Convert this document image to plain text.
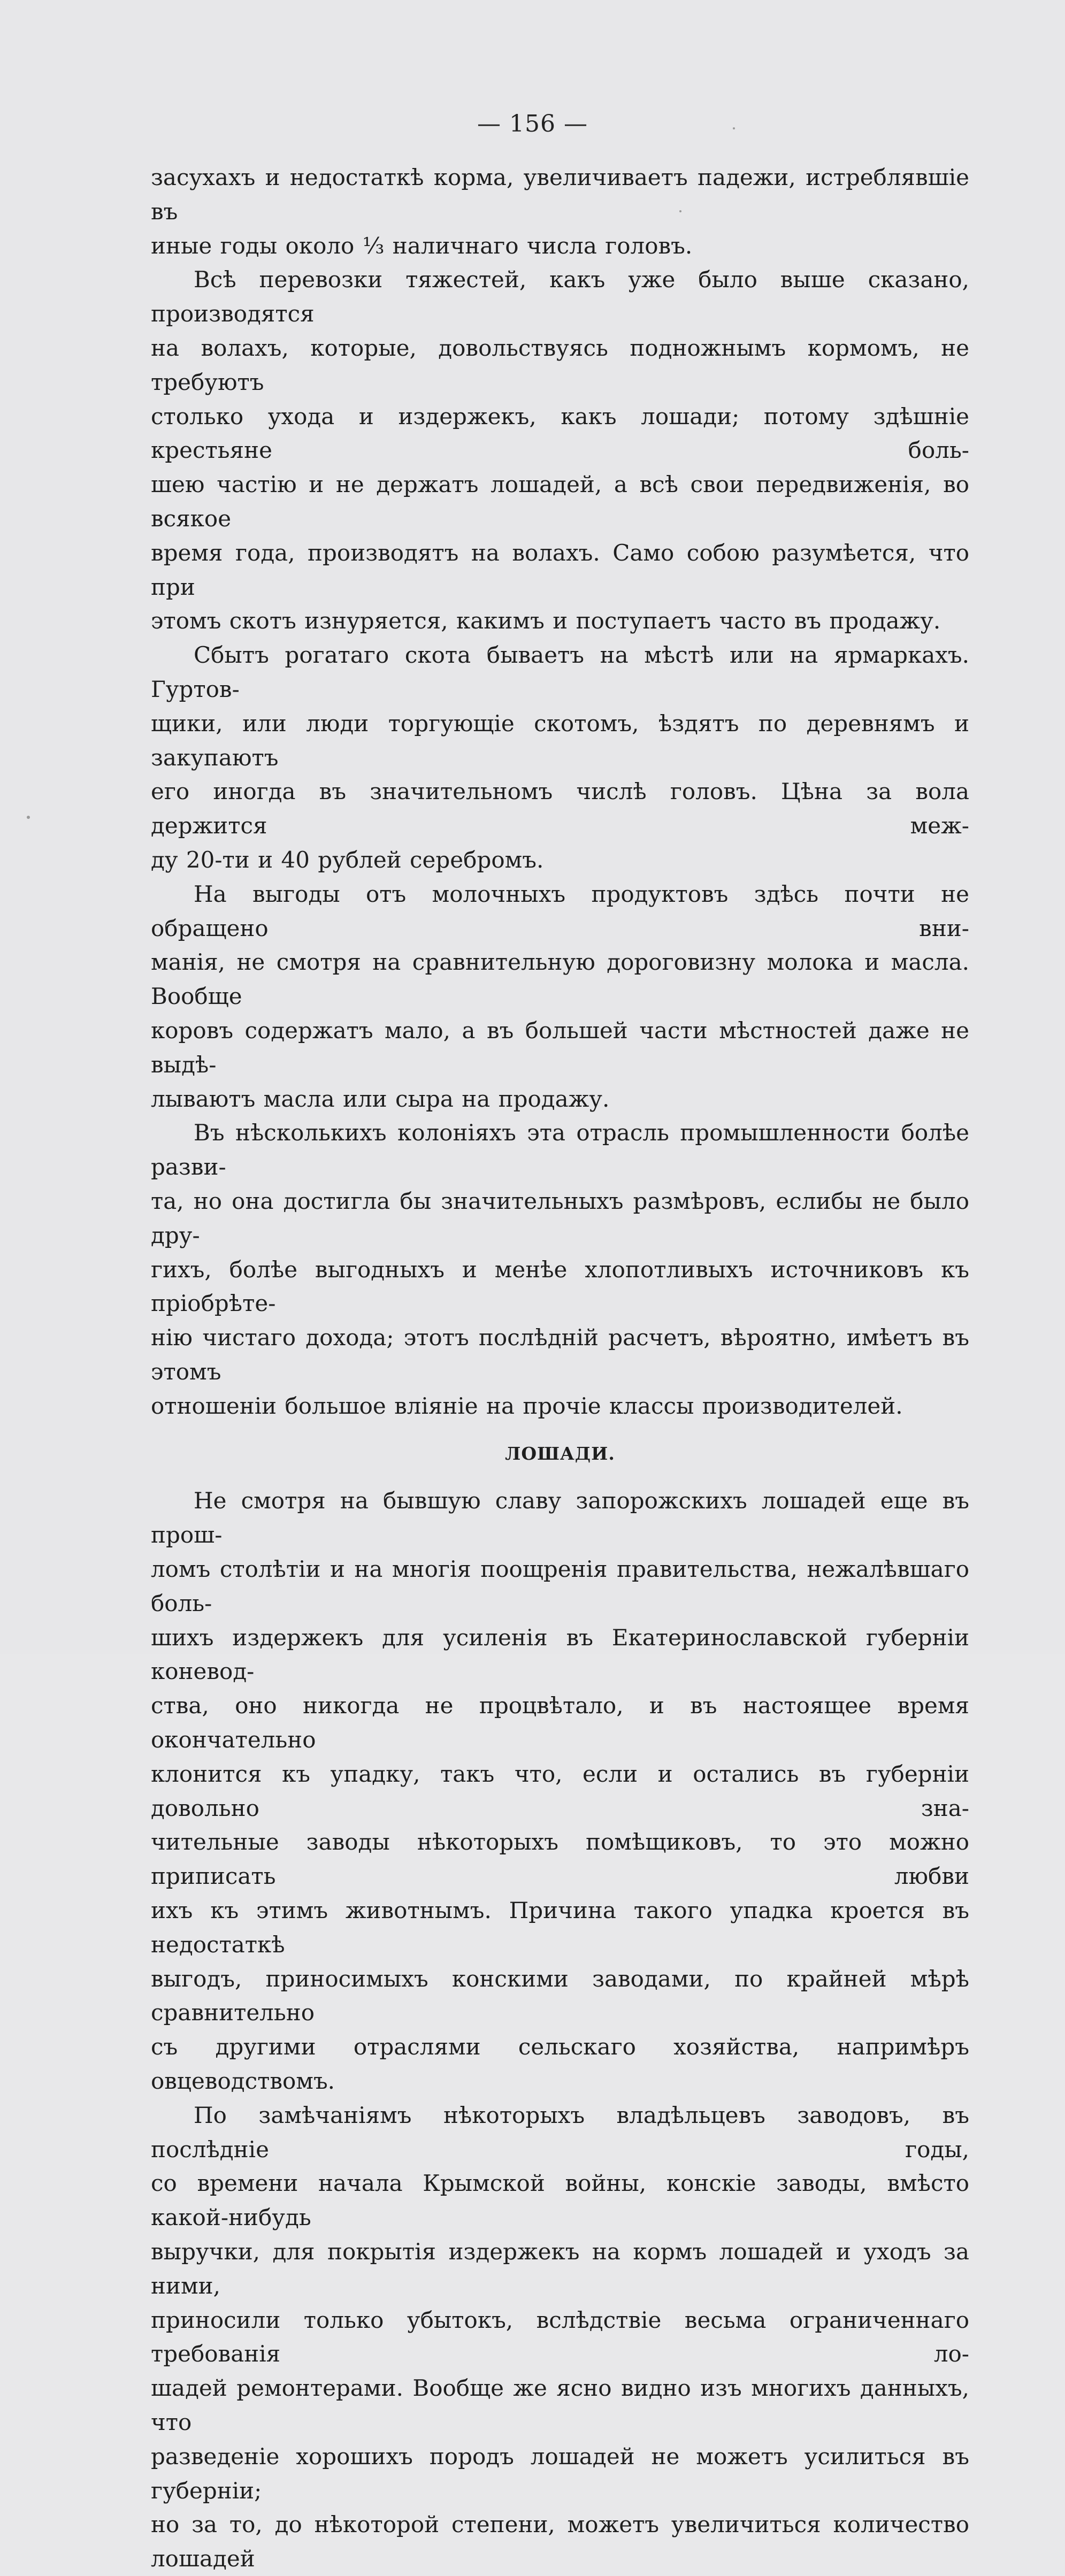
— 156 —
засухахъ и недостаткѣ корма, увеличиваетъ падежи, истреблявшіе въ
иные годы около ⅓ наличнаго числа головъ.
Всѣ перевозки тяжестей, какъ уже было выше сказано, производятся
на волахъ, которые, довольствуясь подножнымъ кормомъ, не требуютъ
столько ухода и издержекъ, какъ лошади; потому здѣшніе крестьяне боль-
шею частію и не держатъ лошадей, а всѣ свои передвиженія, во всякое
время года, производятъ на волахъ. Само собою разумѣется, что при
этомъ скотъ изнуряется, какимъ и поступаетъ часто въ продажу.
Сбытъ рогатаго скота бываетъ на мѣстѣ или на ярмаркахъ. Гуртов-
щики, или люди торгующіе скотомъ, ѣздятъ по деревнямъ и закупаютъ
его иногда въ значительномъ числѣ головъ. Цѣна за вола держится меж-
ду 20-ти и 40 рублей серебромъ.
На выгоды отъ молочныхъ продуктовъ здѣсь почти не обращено вни-
манія, не смотря на сравнительную дороговизну молока и масла. Вообще
коровъ содержатъ мало, а въ большей части мѣстностей даже не выдѣ-
лываютъ масла или сыра на продажу.
Въ нѣсколькихъ колоніяхъ эта отрасль промышленности болѣе разви-
та, но она достигла бы значительныхъ размѣровъ, еслибы не было дру-
гихъ, болѣе выгодныхъ и менѣе хлопотливыхъ источниковъ къ пріобрѣте-
нію чистаго дохода; этотъ послѣдній расчетъ, вѣроятно, имѣетъ въ этомъ
отношеніи большое вліяніе на прочіе классы производителей.
ЛОШАДИ.
Не смотря на бывшую славу запорожскихъ лошадей еще въ прош-
ломъ столѣтіи и на многія поощренія правительства, нежалѣвшаго боль-
шихъ издержекъ для усиленія въ Екатеринославской губерніи коневод-
ства, оно никогда не процвѣтало, и въ настоящее время окончательно
клонится къ упадку, такъ что, если и остались въ губерніи довольно зна-
чительные заводы нѣкоторыхъ помѣщиковъ, то это можно приписать любви
ихъ къ этимъ животнымъ. Причина такого упадка кроется въ недостаткѣ
выгодъ, приносимыхъ конскими заводами, по крайней мѣрѣ сравнительно
съ другими отраслями сельскаго хозяйства, напримѣръ овцеводствомъ.
По замѣчаніямъ нѣкоторыхъ владѣльцевъ заводовъ, въ послѣдніе годы,
со времени начала Крымской войны, конскіе заводы, вмѣсто какой-нибудь
выручки, для покрытія издержекъ на кормъ лошадей и уходъ за ними,
приносили только убытокъ, вслѣдствіе весьма ограниченнаго требованія ло-
шадей ремонтерами. Вообще же ясно видно изъ многихъ данныхъ, что
разведеніе хорошихъ породъ лошадей не можетъ усилиться въ губерніи;
но за то, до нѣкоторой степени, можетъ увеличиться количество лошадей
